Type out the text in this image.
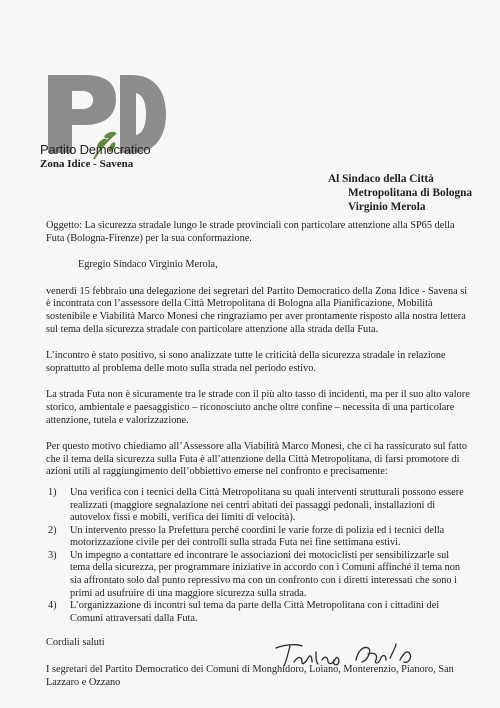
Partito Democratico
Zona Idice - Savena
Al Sindaco della Città
Metropolitana di Bologna
Virginio Merola

Oggetto: La sicurezza stradale lungo le strade provinciali con particolare attenzione alla SP65 della Futa (Bologna-Firenze) per la sua conformazione.

Egregio Sindaco Virginio Merola,

venerdì 15 febbraio una delegazione dei segretari del Partito Democratico della Zona Idice - Savena si è incontrata con l’assessore della Città Metropolitana di Bologna alla Pianificazione, Mobilità sostenibile e Viabilità Marco Monesi che ringraziamo per aver prontamente risposto alla nostra lettera sul tema della sicurezza stradale con particolare attenzione alla strada della Futa.

L’incontro è stato positivo, si sono analizzate tutte le criticità della sicurezza stradale in relazione soprattutto al problema delle moto sulla strada nel periodo estivo.

La strada Futa non è sicuramente tra le strade con il più alto tasso di incidenti, ma per il suo alto valore storico, ambientale e paesaggistico – riconosciuto anche oltre confine – necessita di una particolare attenzione, tutela e valorizzazione.

Per questo motivo chiediamo all’Assessore alla Viabilità Marco Monesi, che ci ha rassicurato sul fatto che il tema della sicurezza sulla Futa è all’attenzione della Città Metropolitana, di farsi promotore di azioni utili al raggiungimento dell’obbiettivo emerse nel confronto e precisamente:

1)	Una verifica con i tecnici della Città Metropolitana su quali interventi strutturali possono essere realizzati (maggiore segnalazione nei centri abitati dei passaggi pedonali, installazioni di autovelox fissi e mobili, verifica dei limiti di velocità).
2)	Un intervento presso la Prefettura perché coordini le varie forze di polizia ed i tecnici della motorizzazione civile per dei controlli sulla strada Futa nei fine settimana estivi.
3)	Un impegno a contattare ed incontrare le associazioni dei motociclisti per sensibilizzarle sul tema della sicurezza, per programmare iniziative in accordo con i Comuni affinché il tema non sia affrontato solo dal punto repressivo ma con un confronto con i diretti interessati che sono i primi ad usufruire di una maggiore sicurezza sulla strada.
4)	L’organizzazione di incontri sul tema da parte della Città Metropolitana con i cittadini dei Comuni attraversati dalla Futa.

Cordiali saluti

I segretari del Partito Democratico dei Comuni di Monghidoro, Loiano, Monterenzio, Pianoro, San Lazzaro e Ozzano
